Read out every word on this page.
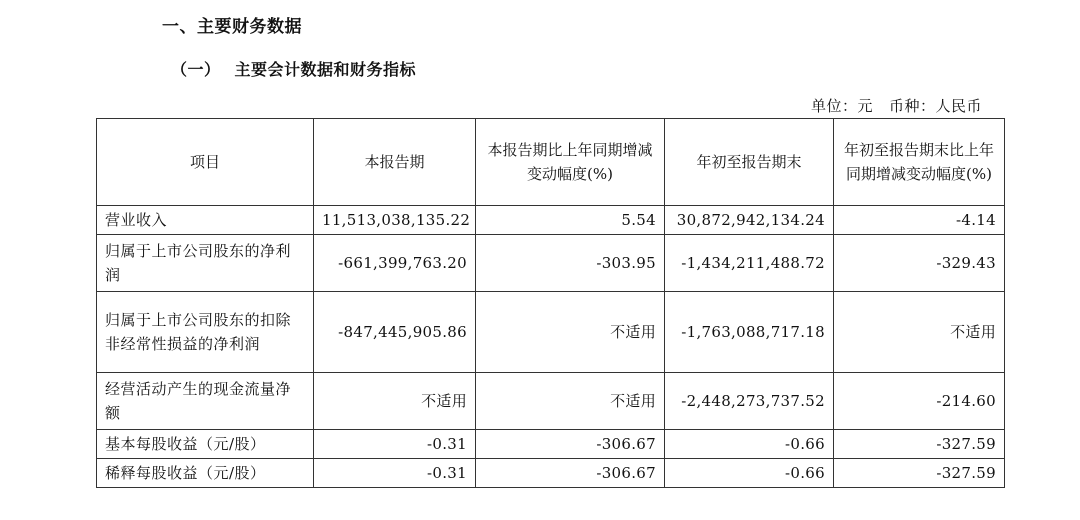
一、主要财务数据
（一） 主要会计数据和财务指标
单位：元 币种：人民币
项目	本报告期	本报告期比上年同期增减变动幅度(%)	年初至报告期末	年初至报告期末比上年同期增减变动幅度(%)
营业收入	11,513,038,135.22	5.54	30,872,942,134.24	-4.14
归属于上市公司股东的净利润	-661,399,763.20	-303.95	-1,434,211,488.72	-329.43
归属于上市公司股东的扣除非经常性损益的净利润	-847,445,905.86	不适用	-1,763,088,717.18	不适用
经营活动产生的现金流量净额	不适用	不适用	-2,448,273,737.52	-214.60
基本每股收益（元/股）	-0.31	-306.67	-0.66	-327.59
稀释每股收益（元/股）	-0.31	-306.67	-0.66	-327.59
